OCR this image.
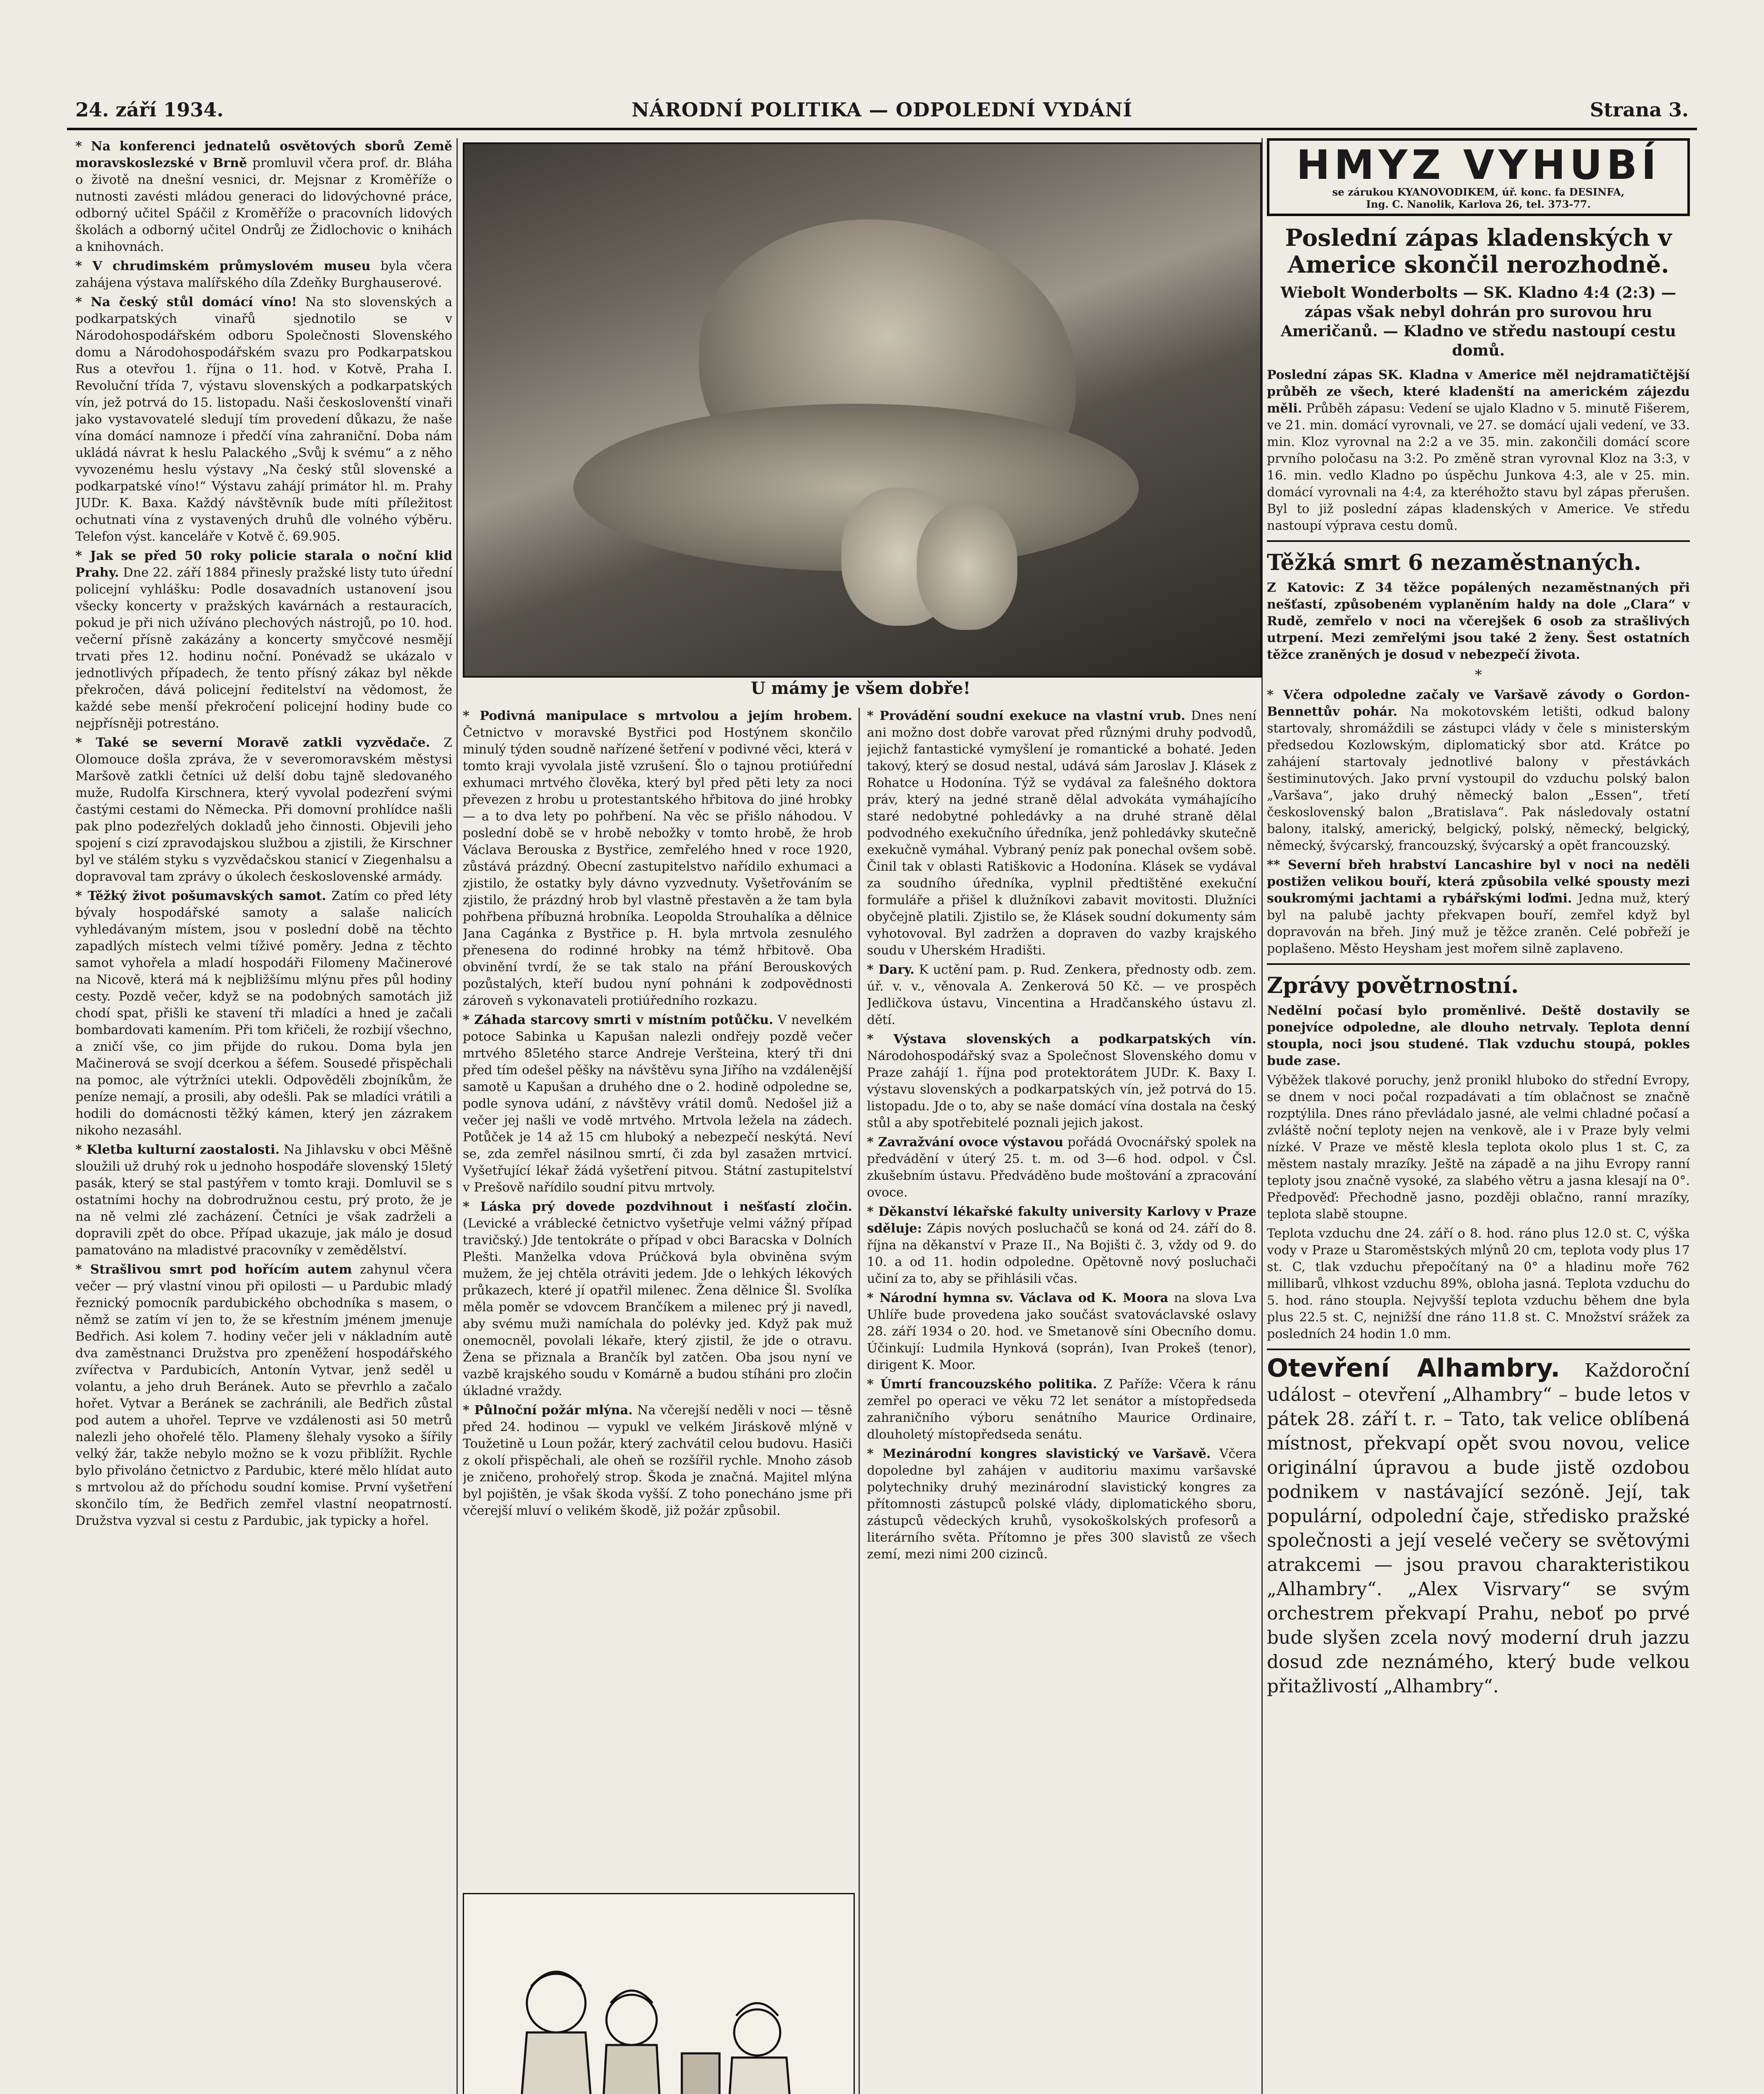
24. září 1934.	NÁRODNÍ POLITIKA — ODPOLEDNÍ VYDÁNÍ	Strana 3.
* Na konferenci jednatelů osvětových sborů Země moravskoslezské v Brně promluvil včera prof. dr. Bláha o životě na dnešní vesnici, dr. Mejsnar z Kroměříže o nutnosti zavésti mládou generaci do lidovýchovné práce, odborný učitel Spáčil z Kroměříže o pracovních lidových školách a odborný učitel Ondrůj ze Židlochovic o knihách a knihovnách.
* V chrudimském průmyslovém museu byla včera zahájena výstava malířského díla Zdeňky Burghauserové.
* Na český stůl domácí víno! Na sto slovenských a podkarpatských vinařů sjednotilo se v Národohospodářském odboru Společnosti Slovenského domu a Národohospodářském svazu pro Podkarpatskou Rus a otevřou 1. října o 11. hod. v Kotvě, Praha I. Revoluční třída 7, výstavu slovenských a podkarpatských vín, jež potrvá do 15. listopadu. Naši českoslovenští vinaři jako vystavovatelé sledují tím provedení důkazu, že naše vína domácí namnoze i předčí vína zahraniční. Doba nám ukládá návrat k heslu Palackého „Svůj k svému“ a z něho vyvozenému heslu výstavy „Na český stůl slovenské a podkarpatské víno!“ Výstavu zahájí primátor hl. m. Prahy JUDr. K. Baxa. Každý návštěvník bude míti příležitost ochutnati vína z vystavených druhů dle volného výběru. Telefon výst. kanceláře v Kotvě č. 69.905.
* Jak se před 50 roky policie starala o noční klid Prahy. Dne 22. září 1884 přinesly pražské listy tuto úřední policejní vyhlášku: Podle dosavadních ustanovení jsou všecky koncerty v pražských kavárnách a restauracích, pokud je při nich užíváno plechových nástrojů, po 10. hod. večerní přísně zakázány a koncerty smyčcové nesmějí trvati přes 12. hodinu noční. Ponévadž se ukázalo v jednotlivých případech, že tento přísný zákaz byl někde překročen, dává policejní ředitelství na vědomost, že každé sebe menší překročení policejní hodiny bude co nejpřísněji potrestáno.
* Také se severní Moravě zatkli vyzvědače. Z Olomouce došla zpráva, že v severomoravském městysi Maršově zatkli četníci už delší dobu tajně sledovaného muže, Rudolfa Kirschnera, který vyvolal podezření svými častými cestami do Německa. Při domovní prohlídce našli pak plno podezřelých dokladů jeho činnosti. Objevili jeho spojení s cizí zpravodajskou službou a zjistili, že Kirschner byl ve stálém styku s vyzvědačskou stanicí v Ziegenhalsu a dopravoval tam zprávy o úkolech československé armády.
* Těžký život pošumavských samot. Zatím co před léty bývaly hospodářské samoty a salaše nalicích vyhledávaným místem, jsou v poslední době na těchto zapadlých místech velmi tíživé poměry. Jedna z těchto samot vyhořela a mladí hospodáři Filomeny Mačinerové na Nicově, která má k nejbližšímu mlýnu přes půl hodiny cesty. Pozdě večer, když se na podobných samotách již chodí spat, přišli ke stavení tři mladíci a hned je začali bombardovati kamením. Při tom křičeli, že rozbijí všechno, a zničí vše, co jim přijde do rukou. Doma byla jen Mačinerová se svojí dcerkou a šéfem. Sousedé přispěchali na pomoc, ale výtržníci utekli. Odpověděli zbojníkům, že peníze nemají, a prosili, aby odešli. Pak se mladíci vrátili a hodili do domácnosti těžký kámen, který jen zázrakem nikoho nezasáhl.
* Kletba kulturní zaostalosti. Na Jihlavsku v obci Měšně sloužili už druhý rok u jednoho hospodáře slovenský 15letý pasák, který se stal pastýřem v tomto kraji. Domluvil se s ostatními hochy na dobrodružnou cestu, prý proto, že je na ně velmi zlé zacházení. Četníci je však zadrželi a dopravili zpět do obce. Případ ukazuje, jak málo je dosud pamatováno na mladistvé pracovníky v zemědělství.
* Strašlivou smrt pod hořícím autem zahynul včera večer — prý vlastní vinou při opilosti — u Pardubic mladý řeznický pomocník pardubického obchodníka s masem, o němž se zatím ví jen to, že se křestním jménem jmenuje Bedřich. Asi kolem 7. hodiny večer jeli v nákladním autě dva zaměstnanci Družstva pro zpeněžení hospodářského zvířectva v Pardubicích, Antonín Vytvar, jenž seděl u volantu, a jeho druh Beránek. Auto se převrhlo a začalo hořet. Vytvar a Beránek se zachránili, ale Bedřich zůstal pod autem a uhořel. Teprve ve vzdálenosti asi 50 metrů nalezli jeho ohořelé tělo. Plameny šlehaly vysoko a šířily velký žár, takže nebylo možno se k vozu přiblížit. Rychle bylo přivoláno četnictvo z Pardubic, které mělo hlídat auto s mrtvolou až do příchodu soudní komise. První vyšetření skončilo tím, že Bedřich zemřel vlastní neopatrností. Družstva vyzval si cestu z Pardubic, jak typicky a hořel.
U mámy je všem dobře!
* Podivná manipulace s mrtvolou a jejím hrobem. Četnictvo v moravské Bystřici pod Hostýnem skončilo minulý týden soudně nařízené šetření v podivné věci, která v tomto kraji vyvolala jistě vzrušení. Šlo o tajnou protiúřední exhumaci mrtvého člověka, který byl před pěti lety za noci převezen z hrobu u protestantského hřbitova do jiné hrobky — a to dva lety po pohřbení. Na věc se přišlo náhodou. V poslední době se v hrobě nebožky v tomto hrobě, že hrob Václava Berouska z Bystřice, zemřelého hned v roce 1920, zůstává prázdný. Obecní zastupitelstvo nařídilo exhumaci a zjistilo, že ostatky byly dávno vyzvednuty. Vyšetřováním se zjistilo, že prázdný hrob byl vlastně přestavěn a že tam byla pohřbena příbuzná hrobníka. Leopolda Strouhalíka a dělnice Jana Cagánka z Bystřice p. H. byla mrtvola zesnulého přenesena do rodinné hrobky na témž hřbitově. Oba obvinění tvrdí, že se tak stalo na přání Berouskových pozůstalých, kteří budou nyní pohnáni k zodpovědnosti zároveň s vykonavateli protiúředního rozkazu.
* Záhada starcovy smrti v místním potůčku. V nevelkém potoce Sabinka u Kapušan nalezli ondřejy pozdě večer mrtvého 85letého starce Andreje Veršteina, který tři dni před tím odešel pěšky na návštěvu syna Jiřího na vzdálenější samotě u Kapušan a druhého dne o 2. hodině odpoledne se, podle synova udání, z návštěvy vrátil domů. Nedošel již a večer jej našli ve vodě mrtvého. Mrtvola ležela na zádech. Potůček je 14 až 15 cm hluboký a nebezpečí neskýtá. Neví se, zda zemřel násilnou smrtí, či zda byl zasažen mrtvicí. Vyšetřující lékař žádá vyšetření pitvou. Státní zastupitelství v Prešově nařídilo soudní pitvu mrtvoly.
* Láska prý dovede pozdvihnout i nešťastí zločin. (Levické a vráblecké četnictvo vyšetřuje velmi vážný případ travičský.) Jde tentokráte o případ v obci Baracska v Dolních Plešti. Manželka vdova Prúčková byla obviněna svým mužem, že jej chtěla otráviti jedem. Jde o lehkých lékových průkazech, které jí opatřil milenec. Žena dělnice Šl. Svolíka měla poměr se vdovcem Brančíkem a milenec prý ji navedl, aby svému muži namíchala do polévky jed. Když pak muž onemocněl, povolali lékaře, který zjistil, že jde o otravu. Žena se přiznala a Brančík byl zatčen. Oba jsou nyní ve vazbě krajského soudu v Komárně a budou stíháni pro zločin úkladné vraždy.
* Půlnoční požár mlýna. Na včerejší neděli v noci — těsně před 24. hodinou — vypukl ve velkém Jiráskově mlýně v Toužetině u Loun požár, který zachvátil celou budovu. Hasiči z okolí přispěchali, ale oheň se rozšířil rychle. Mnoho zásob je zničeno, prohořelý strop. Škoda je značná. Majitel mlýna byl pojištěn, je však škoda vyšší. Z toho ponecháno jsme při včerejší mluví o velikém škodě, již požár způsobil.
* Provádění soudní exekuce na vlastní vrub. Dnes není ani možno dost dobře varovat před různými druhy podvodů, jejichž fantastické vymyšlení je romantické a bohaté. Jeden takový, který se dosud nestal, udává sám Jaroslav J. Klásek z Rohatce u Hodonína. Týž se vydával za falešného doktora práv, který na jedné straně dělal advokáta vymáhajícího staré nedobytné pohledávky a na druhé straně dělal podvodného exekučního úředníka, jenž pohledávky skutečně exekučně vymáhal. Vybraný peníz pak ponechal ovšem sobě. Činil tak v oblasti Ratiškovic a Hodonína. Klásek se vydával za soudního úředníka, vyplnil předtištěné exekuční formuláře a přišel k dlužníkovi zabavit movitosti. Dlužníci obyčejně platili. Zjistilo se, že Klásek soudní dokumenty sám vyhotovoval. Byl zadržen a dopraven do vazby krajského soudu v Uherském Hradišti.
* Dary. K uctění pam. p. Rud. Zenkera, přednosty odb. zem. úř. v. v., věnovala A. Zenkerová 50 Kč. — ve prospěch Jedličkova ústavu, Vincentina a Hradčanského ústavu zl. dětí.
* Výstava slovenských a podkarpatských vín. Národohospodářský svaz a Společnost Slovenského domu v Praze zahájí 1. října pod protektorátem JUDr. K. Baxy I. výstavu slovenských a podkarpatských vín, jež potrvá do 15. listopadu. Jde o to, aby se naše domácí vína dostala na český stůl a aby spotřebitelé poznali jejich jakost.
* Zavražvání ovoce výstavou pořádá Ovocnářský spolek na předvádění v úterý 25. t. m. od 3—6 hod. odpol. v Čsl. zkušebním ústavu. Předváděno bude moštování a zpracování ovoce.
* Děkanství lékařské fakulty university Karlovy v Praze sděluje: Zápis nových posluchačů se koná od 24. září do 8. října na děkanství v Praze II., Na Bojišti č. 3, vždy od 9. do 10. a od 11. hodin odpoledne. Opětovně nový posluchači učiní za to, aby se přihlásili včas.
* Národní hymna sv. Václava od K. Moora na slova Lva Uhlíře bude provedena jako součást svatováclavské oslavy 28. září 1934 o 20. hod. ve Smetanově síni Obecního domu. Účinkují: Ludmila Hynková (soprán), Ivan Prokeš (tenor), dirigent K. Moor.
* Úmrtí francouzského politika. Z Paříže: Včera k ránu zemřel po operaci ve věku 72 let senátor a místopředseda zahraničního výboru senátního Maurice Ordinaire, dlouholetý místopředseda senátu.
* Mezinárodní kongres slavistický ve Varšavě. Včera dopoledne byl zahájen v auditoriu maximu varšavské polytechniky druhý mezinárodní slavistický kongres za přítomnosti zástupců polské vlády, diplomatického sboru, zástupců vědeckých kruhů, vysokoškolských profesorů a literárního světa. Přítomno je přes 300 slavistů ze všech zemí, mezi nimi 200 cizinců.
HMYZ VYHUBÍ
se zárukou KYANOVODIKEM, úř. konc. fa DESINFA,
Ing. C. Nanolik, Karlova 26, tel. 373-77.
Poslední zápas kladenských v Americe skončil nerozhodně.
Wiebolt Wonderbolts — SK. Kladno 4:4 (2:3) — zápas však nebyl dohrán pro surovou hru Američanů. — Kladno ve středu nastoupí cestu domů.
Poslední zápas SK. Kladna v Americe měl nejdramatičtější průběh ze všech, které kladenští na americkém zájezdu měli. Průběh zápasu: Vedení se ujalo Kladno v 5. minutě Fišerem, ve 21. min. domácí vyrovnali, ve 27. se domácí ujali vedení, ve 33. min. Kloz vyrovnal na 2:2 a ve 35. min. zakončili domácí score prvního poločasu na 3:2. Po změně stran vyrovnal Kloz na 3:3, v 16. min. vedlo Kladno po úspěchu Junkova 4:3, ale v 25. min. domácí vyrovnali na 4:4, za kteréhožto stavu byl zápas přerušen. Byl to již poslední zápas kladenských v Americe. Ve středu nastoupí výprava cestu domů.
Těžká smrt 6 nezaměstnaných.
Z Katovic: Z 34 těžce popálených nezaměstnaných při nešťastí, způsobeném vyplaněním haldy na dole „Clara“ v Rudě, zemřelo v noci na včerejšek 6 osob za strašlivých utrpení. Mezi zemřelými jsou také 2 ženy. Šest ostatních těžce zraněných je dosud v nebezpečí života.
*
* Včera odpoledne začaly ve Varšavě závody o Gordon-Bennettův pohár. Na mokotovském letišti, odkud balony startovaly, shromáždili se zástupci vlády v čele s ministerským předsedou Kozlowským, diplomatický sbor atd. Krátce po zahájení startovaly jednotlivé balony v přestávkách šestiminutových. Jako první vystoupil do vzduchu polský balon „Varšava“, jako druhý německý balon „Essen“, třetí československý balon „Bratislava“. Pak následovaly ostatní balony, italský, americký, belgický, polský, německý, belgický, německý, švýcarský, francouzský, švýcarský a opět francouzský.
** Severní břeh hrabství Lancashire byl v noci na neděli postižen velikou bouří, která způsobila velké spousty mezi soukromými jachtami a rybářskými loďmi. Jedna muž, který byl na palubě jachty překvapen bouří, zemřel když byl dopravován na břeh. Jiný muž je těžce zraněn. Celé pobřeží je poplašeno. Město Heysham jest mořem silně zaplaveno.
Zprávy povětrnostní.
Nedělní počasí bylo proměnlivé. Deště dostavily se ponejvíce odpoledne, ale dlouho netrvaly. Teplota denní stoupla, noci jsou studené. Tlak vzduchu stoupá, pokles bude zase.
Výběžek tlakové poruchy, jenž pronikl hluboko do střední Evropy, se dnem v noci počal rozpadávati a tím oblačnost se značně rozptýlila. Dnes ráno převládalo jasné, ale velmi chladné počasí a zvláště noční teploty nejen na venkově, ale i v Praze byly velmi nízké. V Praze ve městě klesla teplota okolo plus 1 st. C, za městem nastaly mrazíky. Ještě na západě a na jihu Evropy ranní teploty jsou značně vysoké, za slabého větru a jasna klesají na 0°. Předpověď: Přechodně jasno, později oblačno, ranní mrazíky, teplota slabě stoupne.
Teplota vzduchu dne 24. září o 8. hod. ráno plus 12.0 st. C, výška vody v Praze u Staroměstských mlýnů 20 cm, teplota vody plus 17 st. C, tlak vzduchu přepočítaný na 0° a hladinu moře 762 millibarů, vlhkost vzduchu 89%, obloha jasná. Teplota vzduchu do 5. hod. ráno stoupla. Nejvyšší teplota vzduchu během dne byla plus 22.5 st. C, nejnižší dne ráno 11.8 st. C. Množství srážek za posledních 24 hodin 1.0 mm.
Otevření Alhambry. Každoroční událost – otevření „Alhambry“ – bude letos v pátek 28. září t. r. – Tato, tak velice oblíbená místnost, překvapí opět svou novou, velice originální úpravou a bude jistě ozdobou podnikem v nastávající sezóně. Její, tak populární, odpolední čaje, střediskо pražské společnosti a její veselé večery se světovými atrakcemi — jsou pravou charakteristikou „Alhambry“. „Alex Visrvary“ se svým orchestrem překvapí Prahu, neboť po prvé bude slyšen zcela nový moderní druh jazzu dosud zde neznámého, který bude velkou přitažlivostí „Alhambry“.
